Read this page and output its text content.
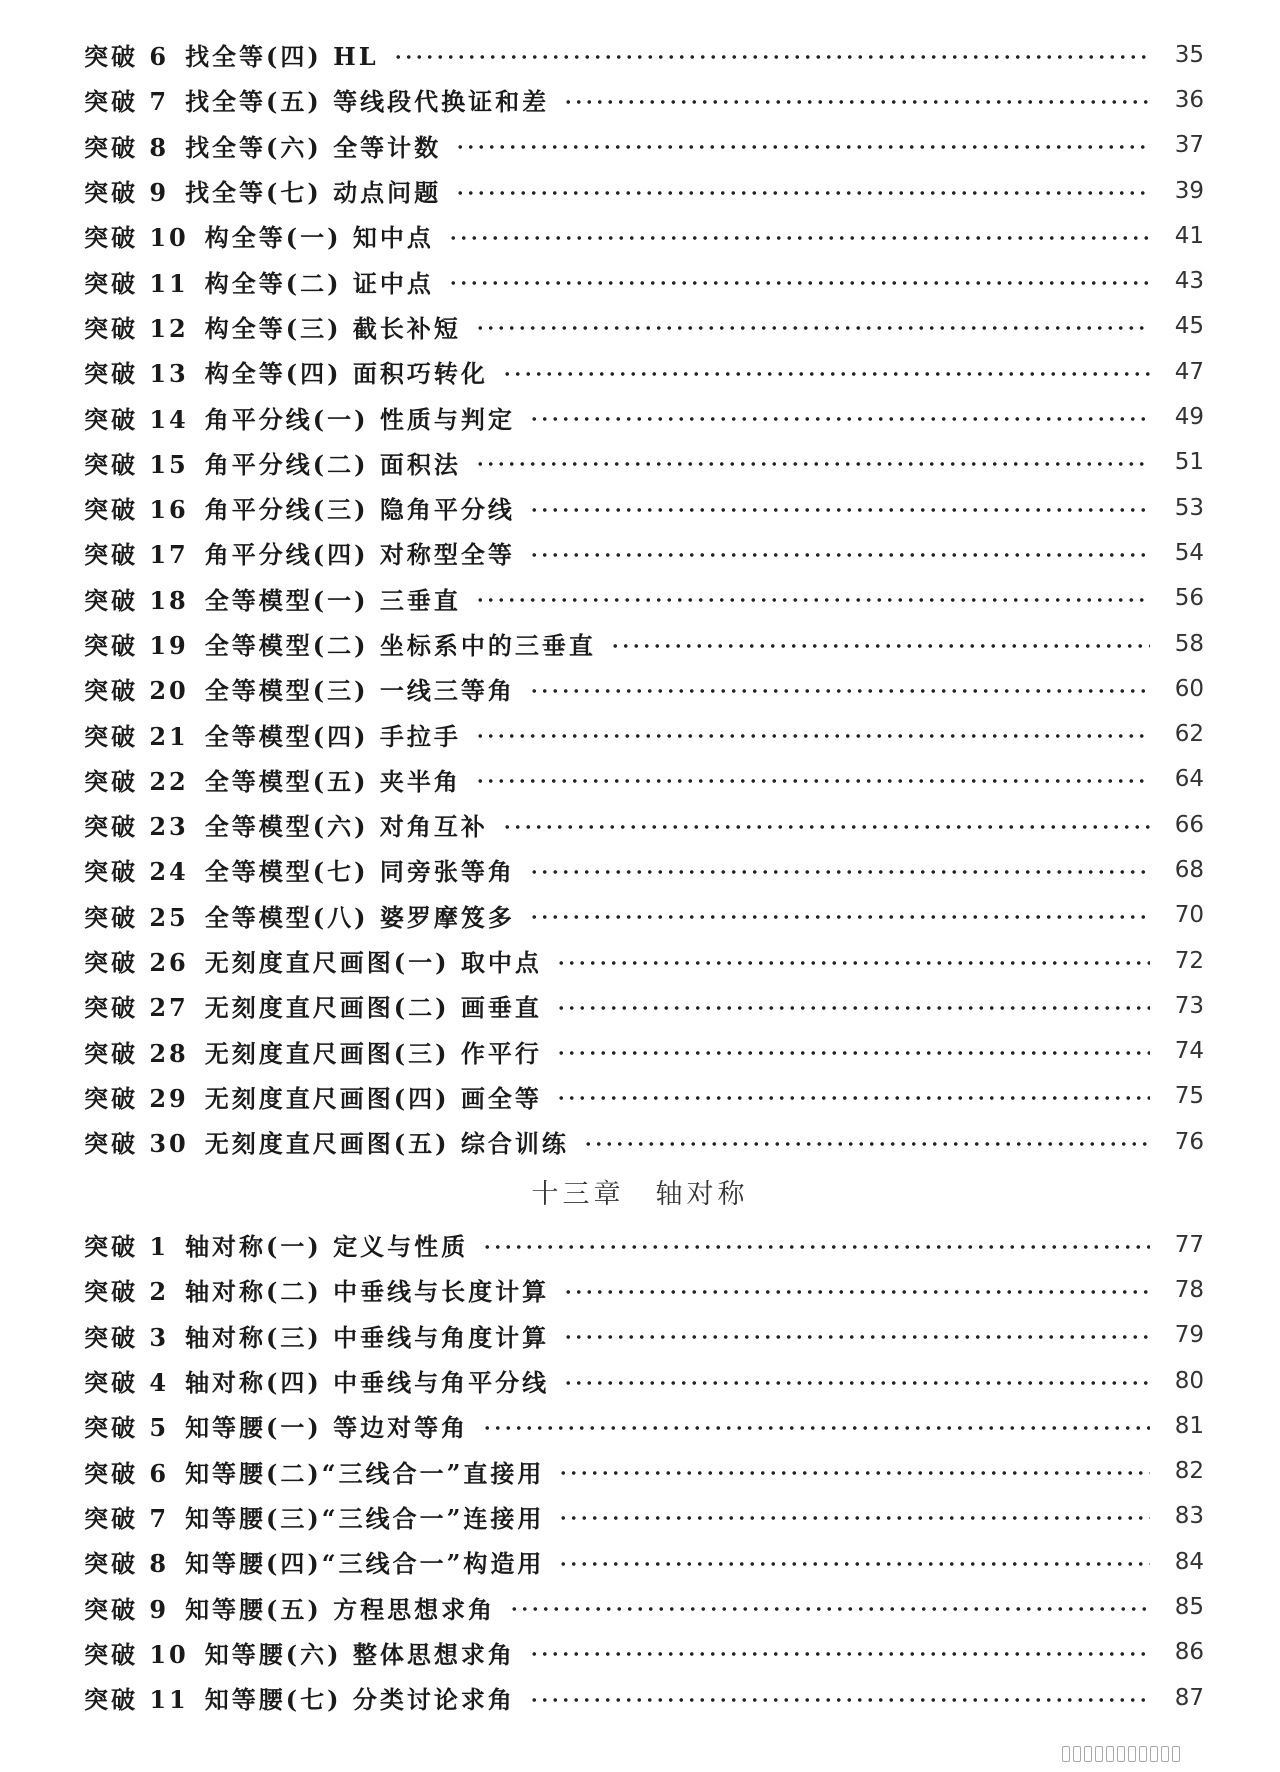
突破 6 找全等(四) HL	35
突破 7 找全等(五) 等线段代换证和差	36
突破 8 找全等(六) 全等计数	37
突破 9 找全等(七) 动点问题	39
突破 10 构全等(一) 知中点	41
突破 11 构全等(二) 证中点	43
突破 12 构全等(三) 截长补短	45
突破 13 构全等(四) 面积巧转化	47
突破 14 角平分线(一) 性质与判定	49
突破 15 角平分线(二) 面积法	51
突破 16 角平分线(三) 隐角平分线	53
突破 17 角平分线(四) 对称型全等	54
突破 18 全等模型(一) 三垂直	56
突破 19 全等模型(二) 坐标系中的三垂直	58
突破 20 全等模型(三) 一线三等角	60
突破 21 全等模型(四) 手拉手	62
突破 22 全等模型(五) 夹半角	64
突破 23 全等模型(六) 对角互补	66
突破 24 全等模型(七) 同旁张等角	68
突破 25 全等模型(八) 婆罗摩笈多	70
突破 26 无刻度直尺画图(一) 取中点	72
突破 27 无刻度直尺画图(二) 画垂直	73
突破 28 无刻度直尺画图(三) 作平行	74
突破 29 无刻度直尺画图(四) 画全等	75
突破 30 无刻度直尺画图(五) 综合训练	76
十三章　轴对称
突破 1 轴对称(一) 定义与性质	77
突破 2 轴对称(二) 中垂线与长度计算	78
突破 3 轴对称(三) 中垂线与角度计算	79
突破 4 轴对称(四) 中垂线与角平分线	80
突破 5 知等腰(一) 等边对等角	81
突破 6 知等腰(二)“三线合一”直接用	82
突破 7 知等腰(三)“三线合一”连接用	83
突破 8 知等腰(四)“三线合一”构造用	84
突破 9 知等腰(五) 方程思想求角	85
突破 10 知等腰(六) 整体思想求角	86
突破 11 知等腰(七) 分类讨论求角	87
